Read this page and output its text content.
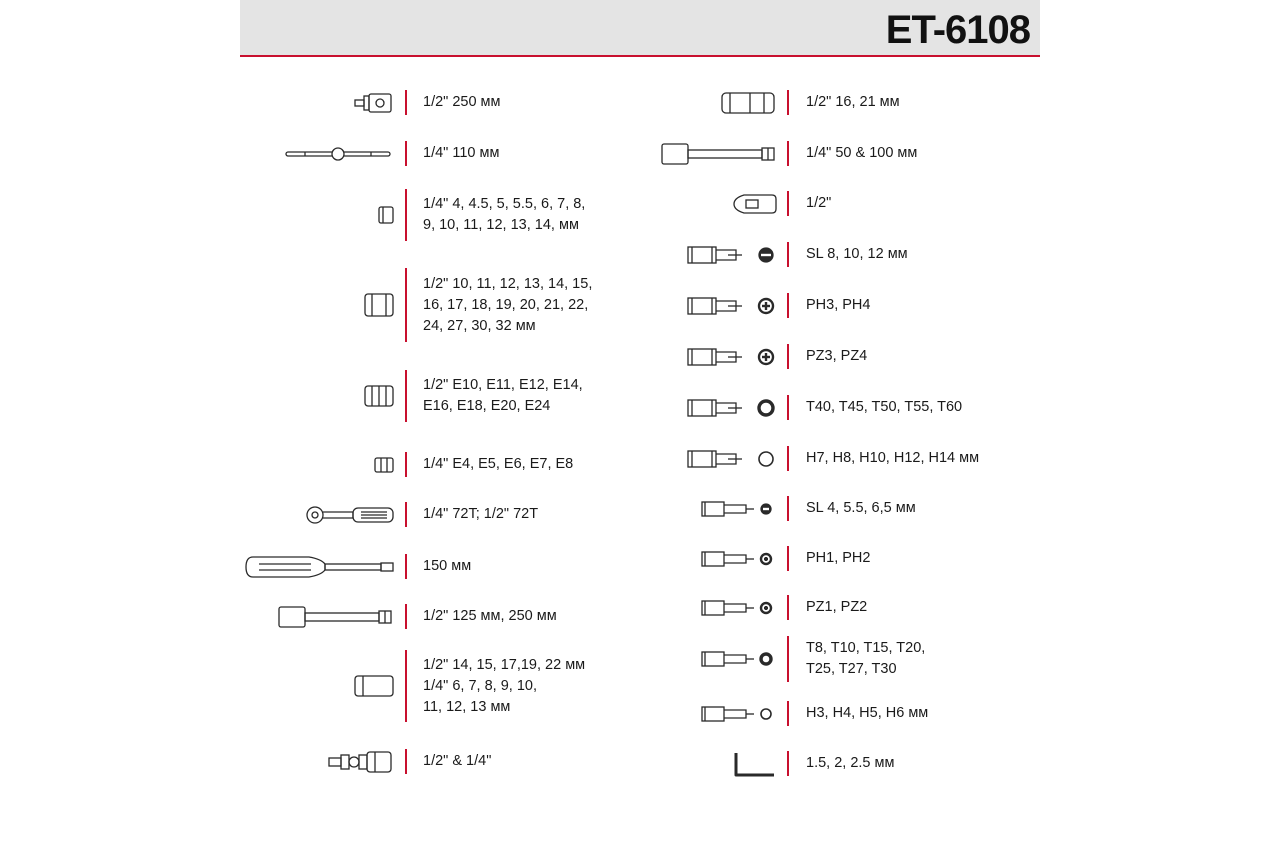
ET-6108
1/2" 250 мм
1/4" 110 мм
1/4" 4, 4.5, 5, 5.5, 6, 7, 8,
9, 10, 11, 12, 13, 14, мм
1/2" 10, 11, 12, 13, 14, 15,
16, 17, 18, 19, 20, 21, 22,
24, 27, 30, 32 мм
1/2" E10, E11, E12, E14,
E16, E18, E20, E24
1/4" E4, E5, E6, E7, E8
1/4" 72T; 1/2" 72T
150 мм
1/2" 125 мм, 250 мм
1/2" 14, 15, 17,19, 22 мм
1/4" 6, 7, 8, 9, 10,
11, 12, 13 мм
1/2" & 1/4"
1/2" 16, 21 мм
1/4" 50 & 100 мм
1/2"
SL 8, 10, 12 мм
PH3, PH4
PZ3, PZ4
T40, T45, T50, T55, T60
H7, H8, H10, H12, H14 мм
SL 4, 5.5, 6,5 мм
PH1, PH2
PZ1, PZ2
T8, T10, T15, T20,
T25, T27, T30
H3, H4, H5, H6 мм
1.5, 2, 2.5 мм
